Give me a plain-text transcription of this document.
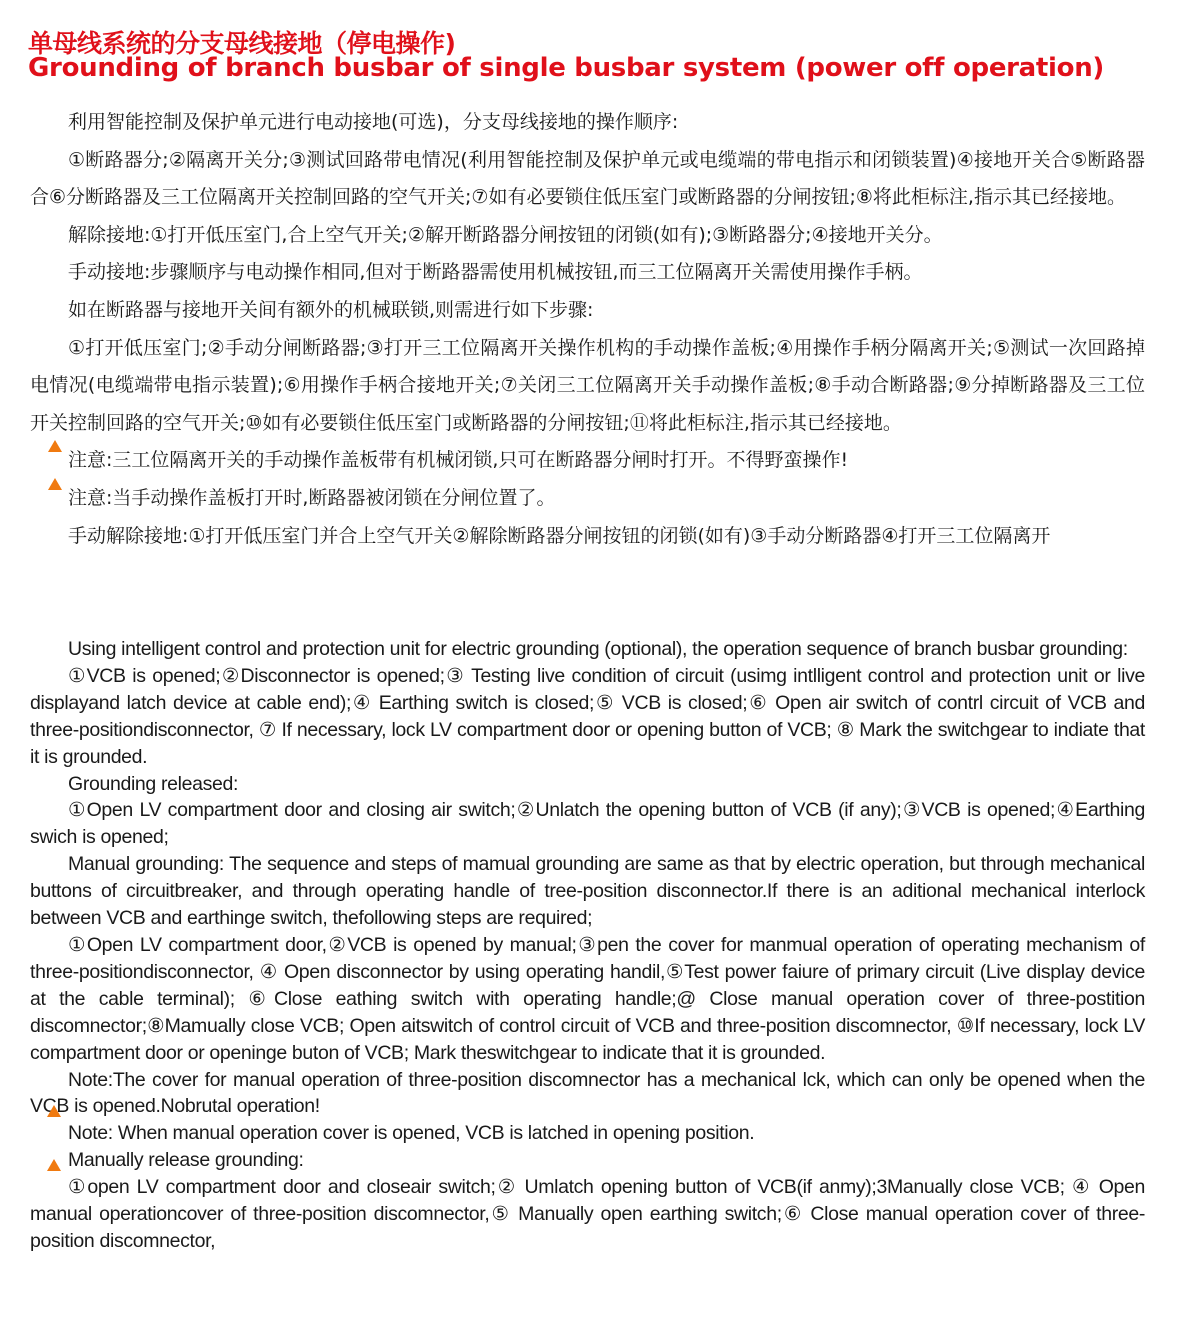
单母线系统的分支母线接地（停电操作)
Grounding of branch busbar of single busbar system (power off operation)

利用智能控制及保护单元进行电动接地(可选)，分支母线接地的操作顺序:

①断路器分;②隔离开关分;③测试回路带电情况(利用智能控制及保护单元或电缆端的带电指示和闭锁装置)④接地开关合⑤断路器合⑥分断路器及三工位隔离开关控制回路的空气开关;⑦如有必要锁住低压室门或断路器的分闸按钮;⑧将此柜标注,指示其已经接地。

解除接地:①打开低压室门,合上空气开关;②解开断路器分闸按钮的闭锁(如有);③断路器分;④接地开关分。

手动接地:步骤顺序与电动操作相同,但对于断路器需使用机械按钮,而三工位隔离开关需使用操作手柄。

如在断路器与接地开关间有额外的机械联锁,则需进行如下步骤:

①打开低压室门;②手动分闸断路器;③打开三工位隔离开关操作机构的手动操作盖板;④用操作手柄分隔离开关;⑤测试一次回路掉电情况(电缆端带电指示装置);⑥用操作手柄合接地开关;⑦关闭三工位隔离开关手动操作盖板;⑧手动合断路器;⑨分掉断路器及三工位开关控制回路的空气开关;⑩如有必要锁住低压室门或断路器的分闸按钮;⑪将此柜标注,指示其已经接地。

注意:三工位隔离开关的手动操作盖板带有机械闭锁,只可在断路器分闸时打开。不得野蛮操作!

注意:当手动操作盖板打开时,断路器被闭锁在分闸位置了。

手动解除接地:①打开低压室门并合上空气开关②解除断路器分闸按钮的闭锁(如有)③手动分断路器④打开三工位隔离开

Using intelligent control and protection unit for electric grounding (optional), the operation sequence of branch busbar grounding:

①VCB is opened;②Disconnector is opened;③ Testing live condition of circuit (usimg intlligent control and protection unit or live displayand latch device at cable end);④ Earthing switch is closed;⑤ VCB is closed;⑥ Open air switch of contrl circuit of VCB and three-positiondisconnector, ⑦ If necessary, lock LV compartment door or opening button of VCB; ⑧ Mark the switchgear to indiate that it is grounded.

Grounding released:

①Open LV compartment door and closing air switch;②Unlatch the opening button of VCB (if any);③VCB is opened;④Earthing swich is opened;

Manual grounding: The sequence and steps of mamual grounding are same as that by electric operation, but through mechanical buttons of circuitbreaker, and through operating handle of tree-position disconnector.If there is an aditional mechanical interlock between VCB and earthinge switch, thefollowing steps are required;

①Open LV compartment door,②VCB is opened by manual;③pen the cover for manmual operation of operating mechanism of three-positiondisconnector, ④ Open disconnector by using operating handil,⑤Test power faiure of primary circuit (Live display device at the cable terminal); ⑥Close eathing switch with operating handle;@ Close manual operation cover of three-postition discomnector;⑧Mamually close VCB; Open aitswitch of control circuit of VCB and three-position discomnector, ⑩If necessary, lock LV compartment door or openinge buton of VCB; Mark theswitchgear to indicate that it is grounded.

Note:The cover for manual operation of three-position discomnector has a mechanical lck, which can only be opened when the VCB is opened.Nobrutal operation!

Note: When manual operation cover is opened, VCB is latched in opening position.

Manually release grounding:

①open LV compartment door and closeair switch;② Umlatch opening button of VCB(if anmy);3Manually close VCB; ④ Open manual operationcover of three-position discomnector,⑤ Manually open earthing switch;⑥ Close manual operation cover of three-position discomnector,
